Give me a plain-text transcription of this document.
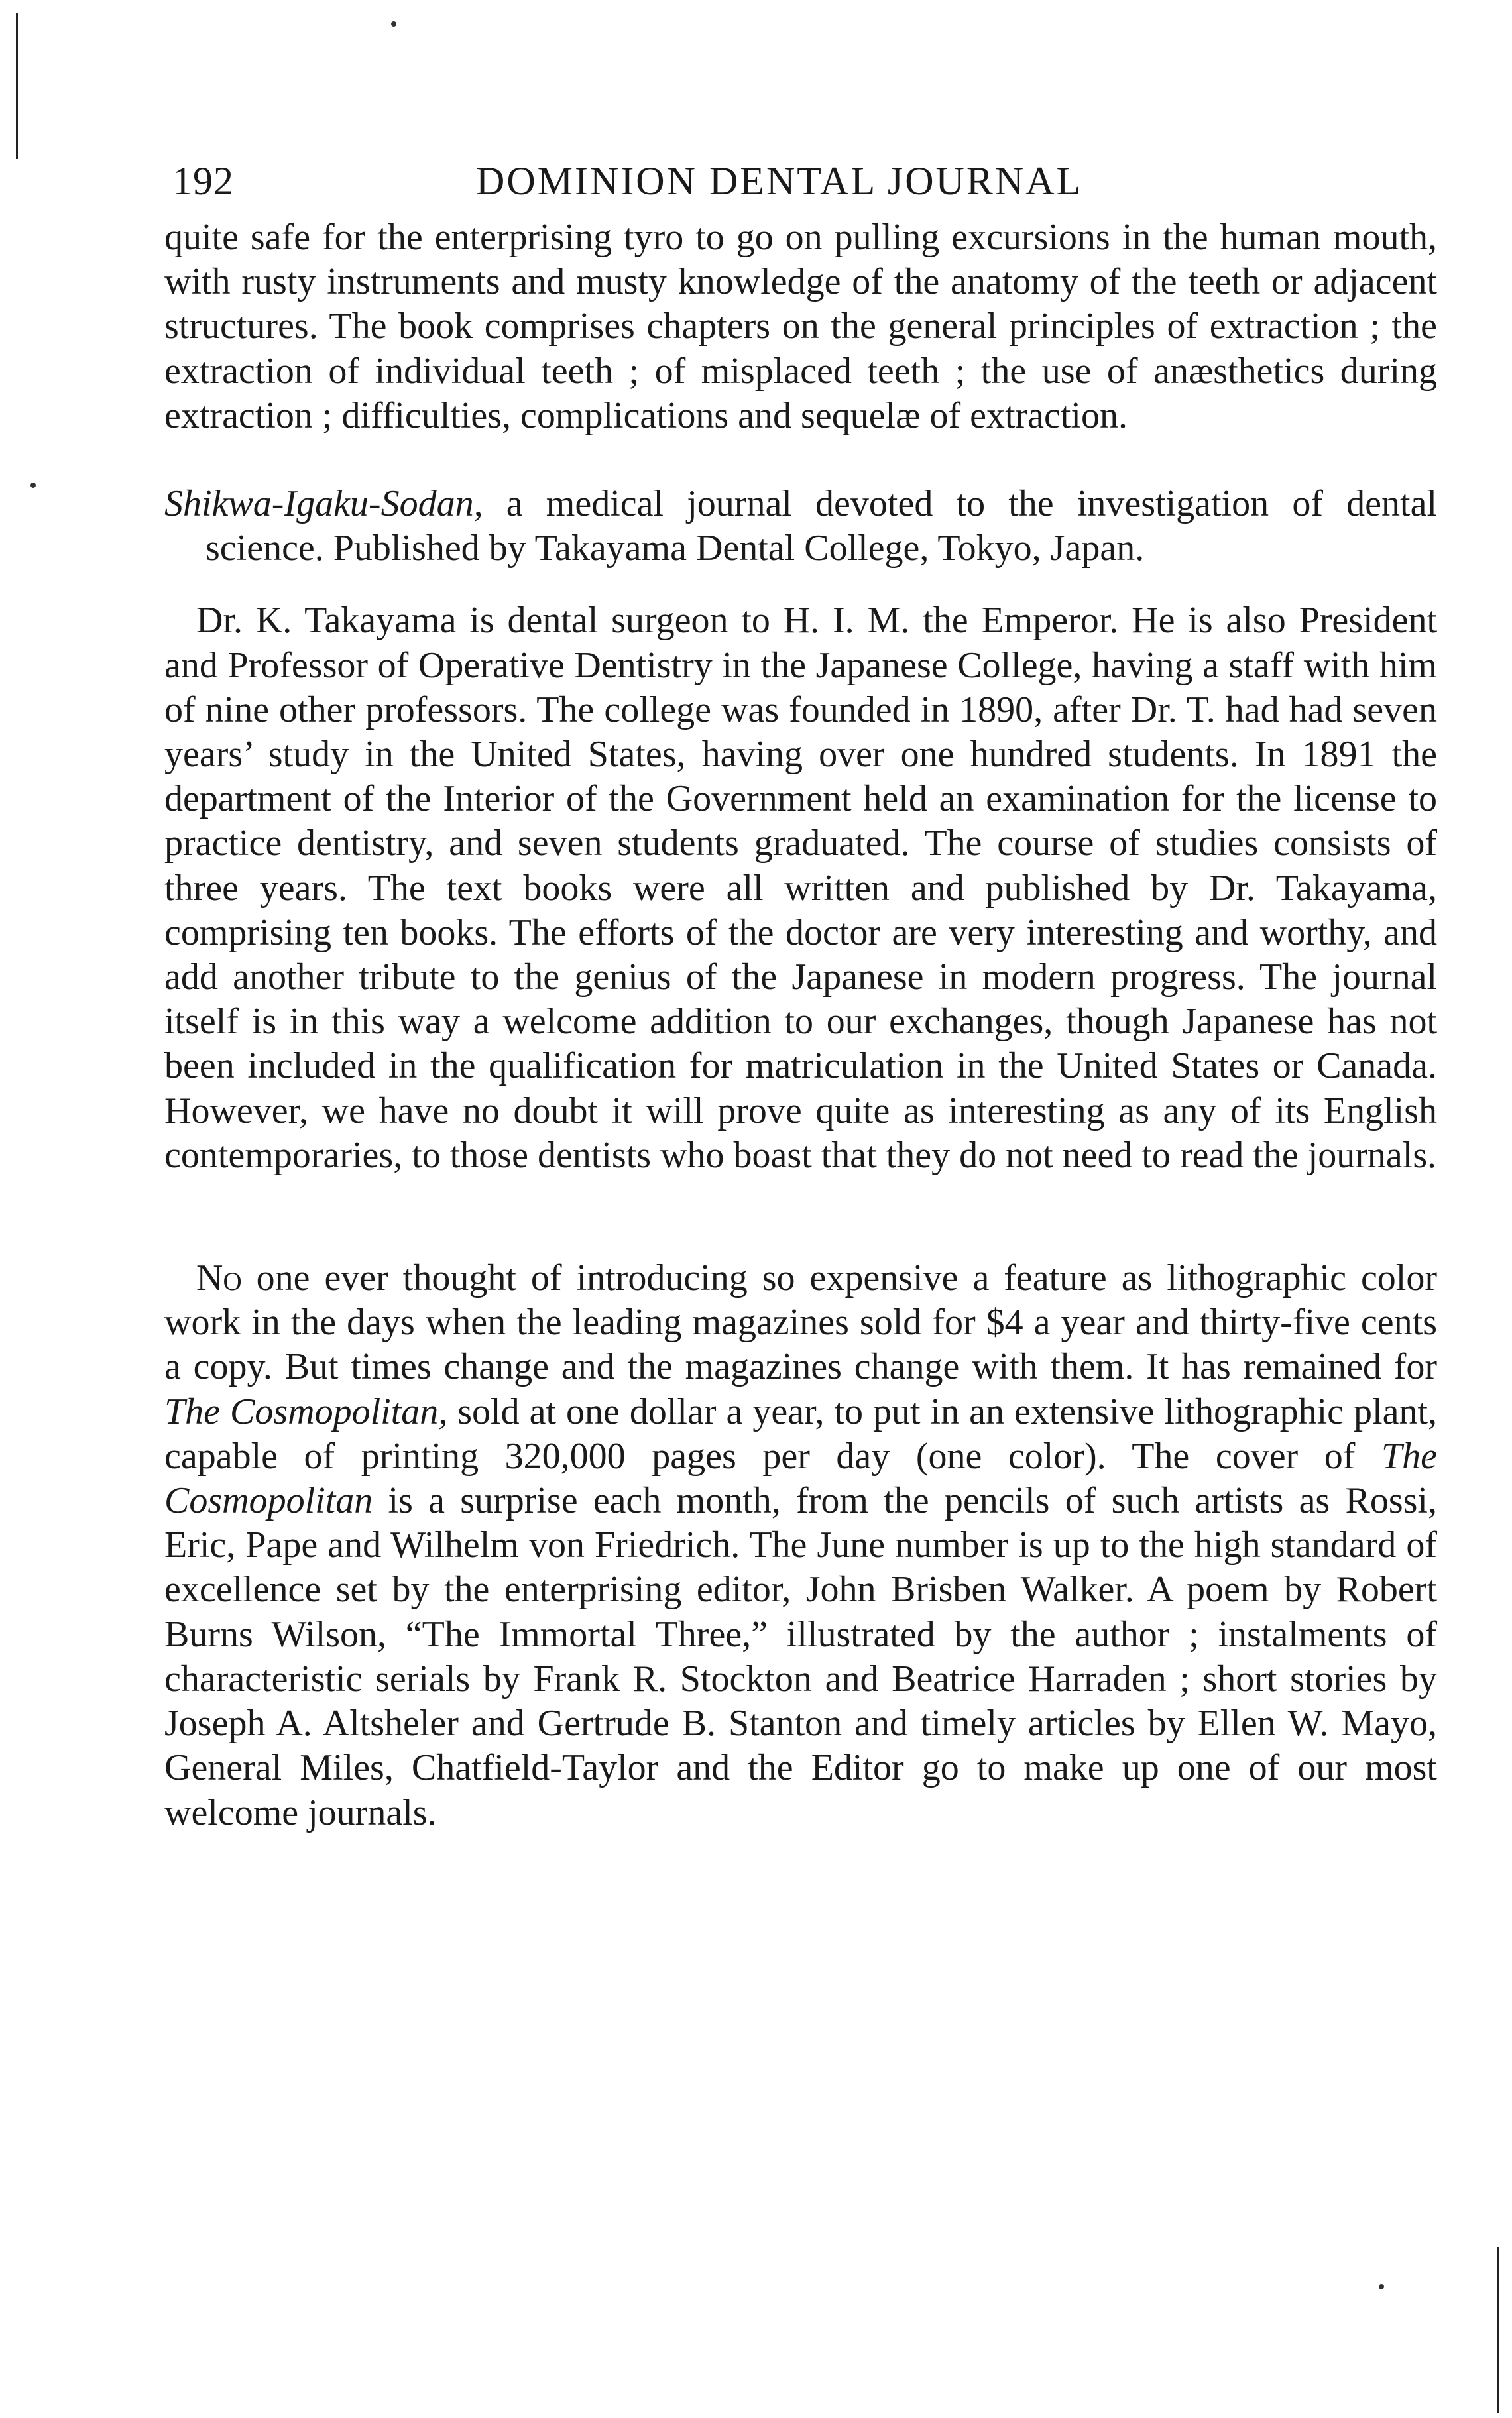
192	DOMINION DENTAL JOURNAL

quite safe for the enterprising tyro to go on pulling excursions in the human mouth, with rusty instruments and musty knowledge of the anatomy of the teeth or adjacent structures. The book comprises chapters on the general principles of extraction ; the extraction of individual teeth ; of misplaced teeth ; the use of anæsthetics during extraction ; difficulties, complications and sequelæ of extraction.

Shikwa-Igaku-Sodan, a medical journal devoted to the investigation of dental science. Published by Takayama Dental College, Tokyo, Japan.

Dr. K. Takayama is dental surgeon to H. I. M. the Emperor. He is also President and Professor of Operative Dentistry in the Japanese College, having a staff with him of nine other professors. The college was founded in 1890, after Dr. T. had had seven years’ study in the United States, having over one hundred students. In 1891 the department of the Interior of the Government held an examination for the license to practice dentistry, and seven students graduated. The course of studies consists of three years. The text books were all written and published by Dr. Takayama, comprising ten books. The efforts of the doctor are very interesting and worthy, and add another tribute to the genius of the Japanese in modern progress. The journal itself is in this way a welcome addition to our exchanges, though Japanese has not been included in the qualification for matriculation in the United States or Canada. However, we have no doubt it will prove quite as interesting as any of its English contemporaries, to those dentists who boast that they do not need to read the journals.

No one ever thought of introducing so expensive a feature as lithographic color work in the days when the leading magazines sold for $4 a year and thirty-five cents a copy. But times change and the magazines change with them. It has remained for The Cosmopolitan, sold at one dollar a year, to put in an extensive lithographic plant, capable of printing 320,000 pages per day (one color). The cover of The Cosmopolitan is a surprise each month, from the pencils of such artists as Rossi, Eric, Pape and Wilhelm von Friedrich. The June number is up to the high standard of excellence set by the enterprising editor, John Brisben Walker. A poem by Robert Burns Wilson, “The Immortal Three,” illustrated by the author ; instalments of characteristic serials by Frank R. Stockton and Beatrice Harraden ; short stories by Joseph A. Altsheler and Gertrude B. Stanton and timely articles by Ellen W. Mayo, General Miles, Chatfield-Taylor and the Editor go to make up one of our most welcome journals.
